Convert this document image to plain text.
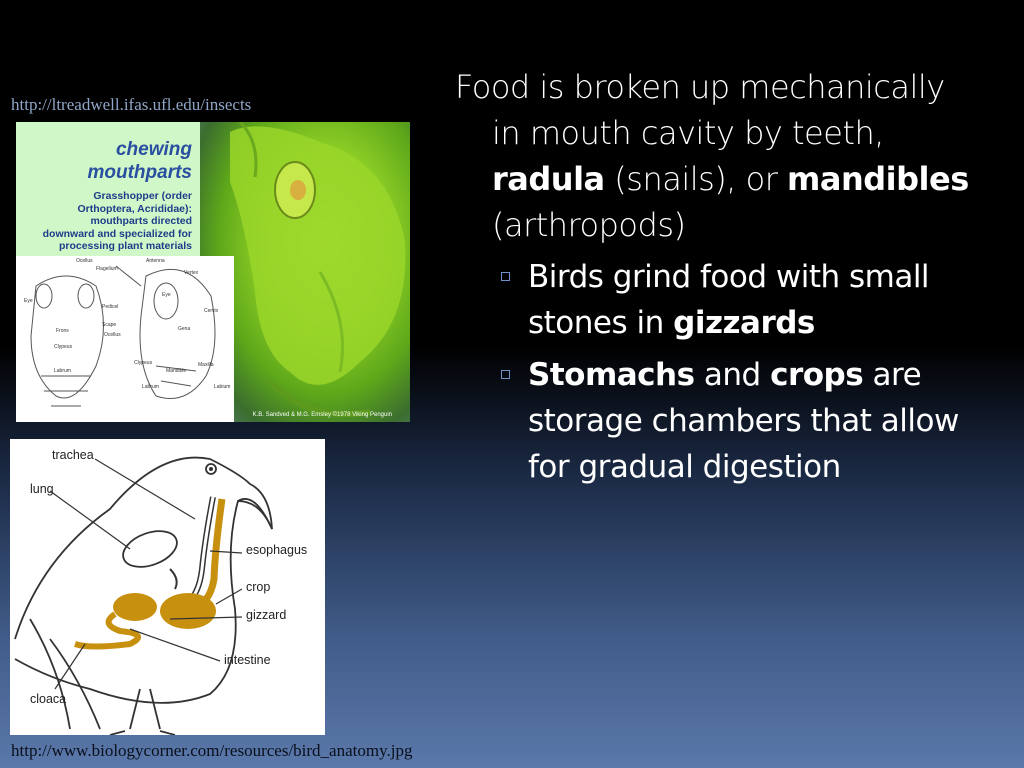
http://ltreadwell.ifas.ufl.edu/insects
chewing
mouthparts
Grasshopper (order
Orthoptera, Acrididae):
mouthparts directed
downward and specialized for
processing plant materials
K.B. Sandved & M.G. Emsley ©1978 Viking Penguin
Ocellus
Flagellum
Antenna
Vertex
Eye
Pedicel
Scape
Ocellus
Frons
Clypeus
Labrum
Eye
Gena
Cervix
Clypeus
Mandible
Maxilla
Labrum	Labium
trachea
lung
esophagus
crop
gizzard
intestine
cloaca
http://www.biologycorner.com/resources/bird_anatomy.jpg

Food is broken up mechanically in mouth cavity by teeth, radula (snails), or mandibles (arthropods)

Birds grind food with small stones in gizzards
Stomachs and crops are storage chambers that allow for gradual digestion
